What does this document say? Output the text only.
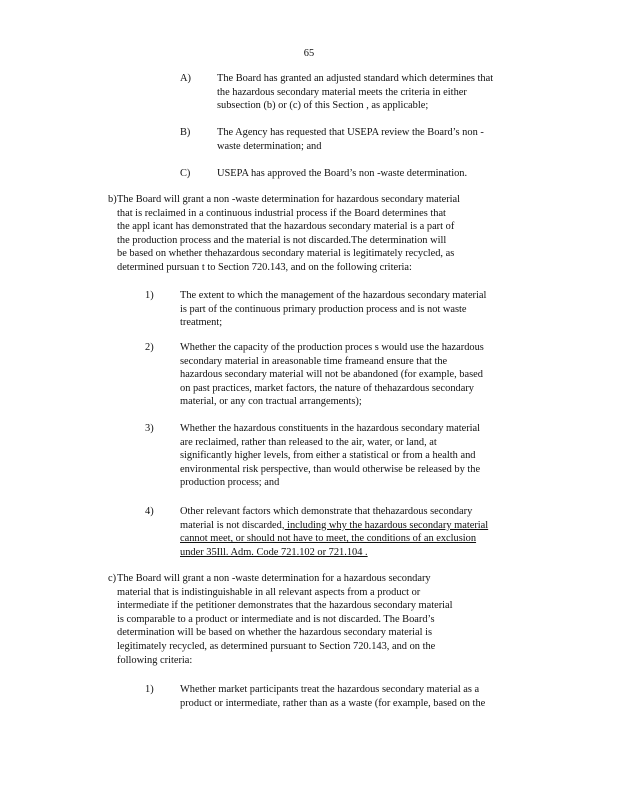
65
A)	The Board has granted an adjusted standard which determines that
the hazardous secondary material meets the criteria in either
subsection (b) or (c) of this Section , as applicable;
B)	The Agency has requested that USEPA review the Board’s non -
waste determination; and
C)	USEPA has approved the Board’s non -waste determination.
b) The Board will grant a non -waste determination for hazardous secondary material
that is reclaimed in a continuous industrial process if the Board determines that
the appl icant has demonstrated that the hazardous secondary material is a part of
the production process and the material is not discarded.The determination will
be based on whether thehazardous secondary material is legitimately recycled, as
determined pursuan t to Section 720.143, and on the following criteria:
1)	The extent to which the management of the hazardous secondary material
is part of the continuous primary production process and is not waste
treatment;
2)	Whether the capacity of the production proces s would use the hazardous
secondary material in areasonable time frameand ensure that the
hazardous secondary material will not be abandoned (for example, based
on past practices, market factors, the nature of thehazardous secondary
material, or any con tractual arrangements);
3)	Whether the hazardous constituents in the hazardous secondary material
are reclaimed, rather than released to the air, water, or land, at
significantly higher levels, from either a statistical or from a health and
environmental risk perspective, than would otherwise be released by the
production process; and
4)	Other relevant factors which demonstrate that thehazardous secondary
material is not discarded, including why the hazardous secondary material
cannot meet, or should not have to meet, the conditions of an exclusion
under 35Ill. Adm. Code 721.102 or 721.104 .
c) The Board will grant a non -waste determination for a hazardous secondary
material that is indistinguishable in all relevant aspects from a product or
intermediate if the petitioner demonstrates that the hazardous secondary material
is comparable to a product or intermediate and is not discarded. The Board’s
determination will be based on whether the hazardous secondary material is
legitimately recycled, as determined pursuant to Section 720.143, and on the
following criteria:
1)	Whether market participants treat the hazardous secondary material as a
product or intermediate, rather than as a waste (for example, based on the
